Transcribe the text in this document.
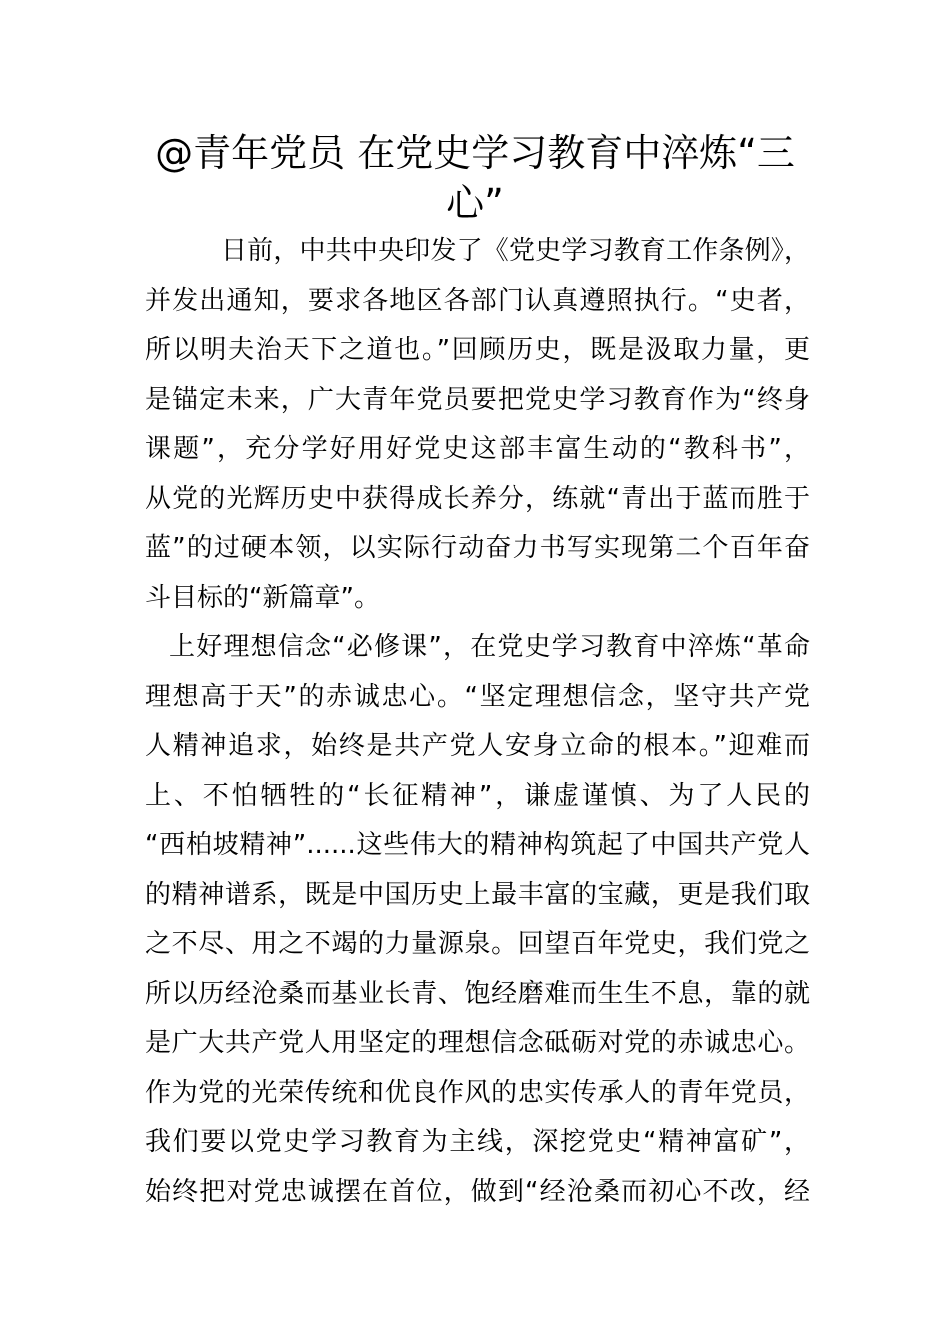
@青年党员 在党史学习教育中淬炼“三心”
日前，中共中央印发了《党史学习教育工作条例》，
并发出通知，要求各地区各部门认真遵照执行。“史者，
所以明夫治天下之道也。”回顾历史，既是汲取力量，更
是锚定未来，广大青年党员要把党史学习教育作为“终身
课题”，充分学好用好党史这部丰富生动的“教科书”，
从党的光辉历史中获得成长养分，练就“青出于蓝而胜于
蓝”的过硬本领，以实际行动奋力书写实现第二个百年奋
斗目标的“新篇章”。
上好理想信念“必修课”，在党史学习教育中淬炼“革命
理想高于天”的赤诚忠心。“坚定理想信念，坚守共产党
人精神追求，始终是共产党人安身立命的根本。”迎难而
上、不怕牺牲的“长征精神”，谦虚谨慎、为了人民的
“西柏坡精神”......这些伟大的精神构筑起了中国共产党人
的精神谱系，既是中国历史上最丰富的宝藏，更是我们取
之不尽、用之不竭的力量源泉。回望百年党史，我们党之
所以历经沧桑而基业长青、饱经磨难而生生不息，靠的就
是广大共产党人用坚定的理想信念砥砺对党的赤诚忠心。
作为党的光荣传统和优良作风的忠实传承人的青年党员，
我们要以党史学习教育为主线，深挖党史“精神富矿”，
始终把对党忠诚摆在首位，做到“经沧桑而初心不改，经
